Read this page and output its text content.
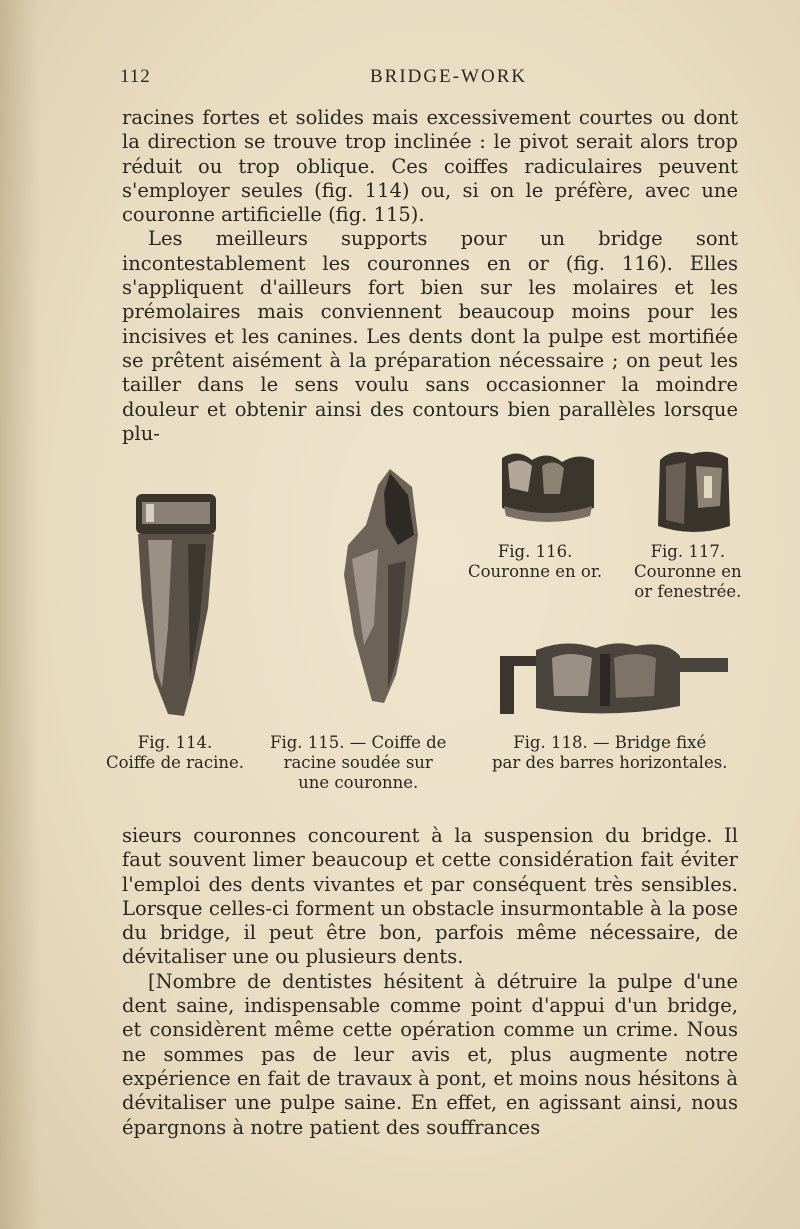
112	BRIDGE-WORK

racines fortes et solides mais excessivement courtes ou dont la direction se trouve trop inclinée : le pivot serait alors trop réduit ou trop oblique. Ces coiffes radiculaires peuvent s'employer seules (fig. 114) ou, si on le préfère, avec une couronne artificielle (fig. 115).

Les meilleurs supports pour un bridge sont incontestablement les couronnes en or (fig. 116). Elles s'appliquent d'ailleurs fort bien sur les molaires et les prémolaires mais conviennent beaucoup moins pour les incisives et les canines. Les dents dont la pulpe est mortifiée se prêtent aisément à la préparation nécessaire ; on peut les tailler dans le sens voulu sans occasionner la moindre douleur et obtenir ainsi des contours bien parallèles lorsque plu-

Fig. 116.
Couronne en or.
Fig. 117.
Couronne en
or fenestrée.
Fig. 114.
Coiffe de racine.
Fig. 115. — Coiffe de
racine soudée sur
une couronne.
Fig. 118. — Bridge fixé
par des barres horizontales.

sieurs couronnes concourent à la suspension du bridge. Il faut souvent limer beaucoup et cette considération fait éviter l'emploi des dents vivantes et par conséquent très sensibles. Lorsque celles-ci forment un obstacle insurmontable à la pose du bridge, il peut être bon, parfois même nécessaire, de dévitaliser une ou plusieurs dents.

[Nombre de dentistes hésitent à détruire la pulpe d'une dent saine, indispensable comme point d'appui d'un bridge, et considèrent même cette opération comme un crime. Nous ne sommes pas de leur avis et, plus augmente notre expérience en fait de travaux à pont, et moins nous hésitons à dévitaliser une pulpe saine. En effet, en agissant ainsi, nous épargnons à notre patient des souffrances
